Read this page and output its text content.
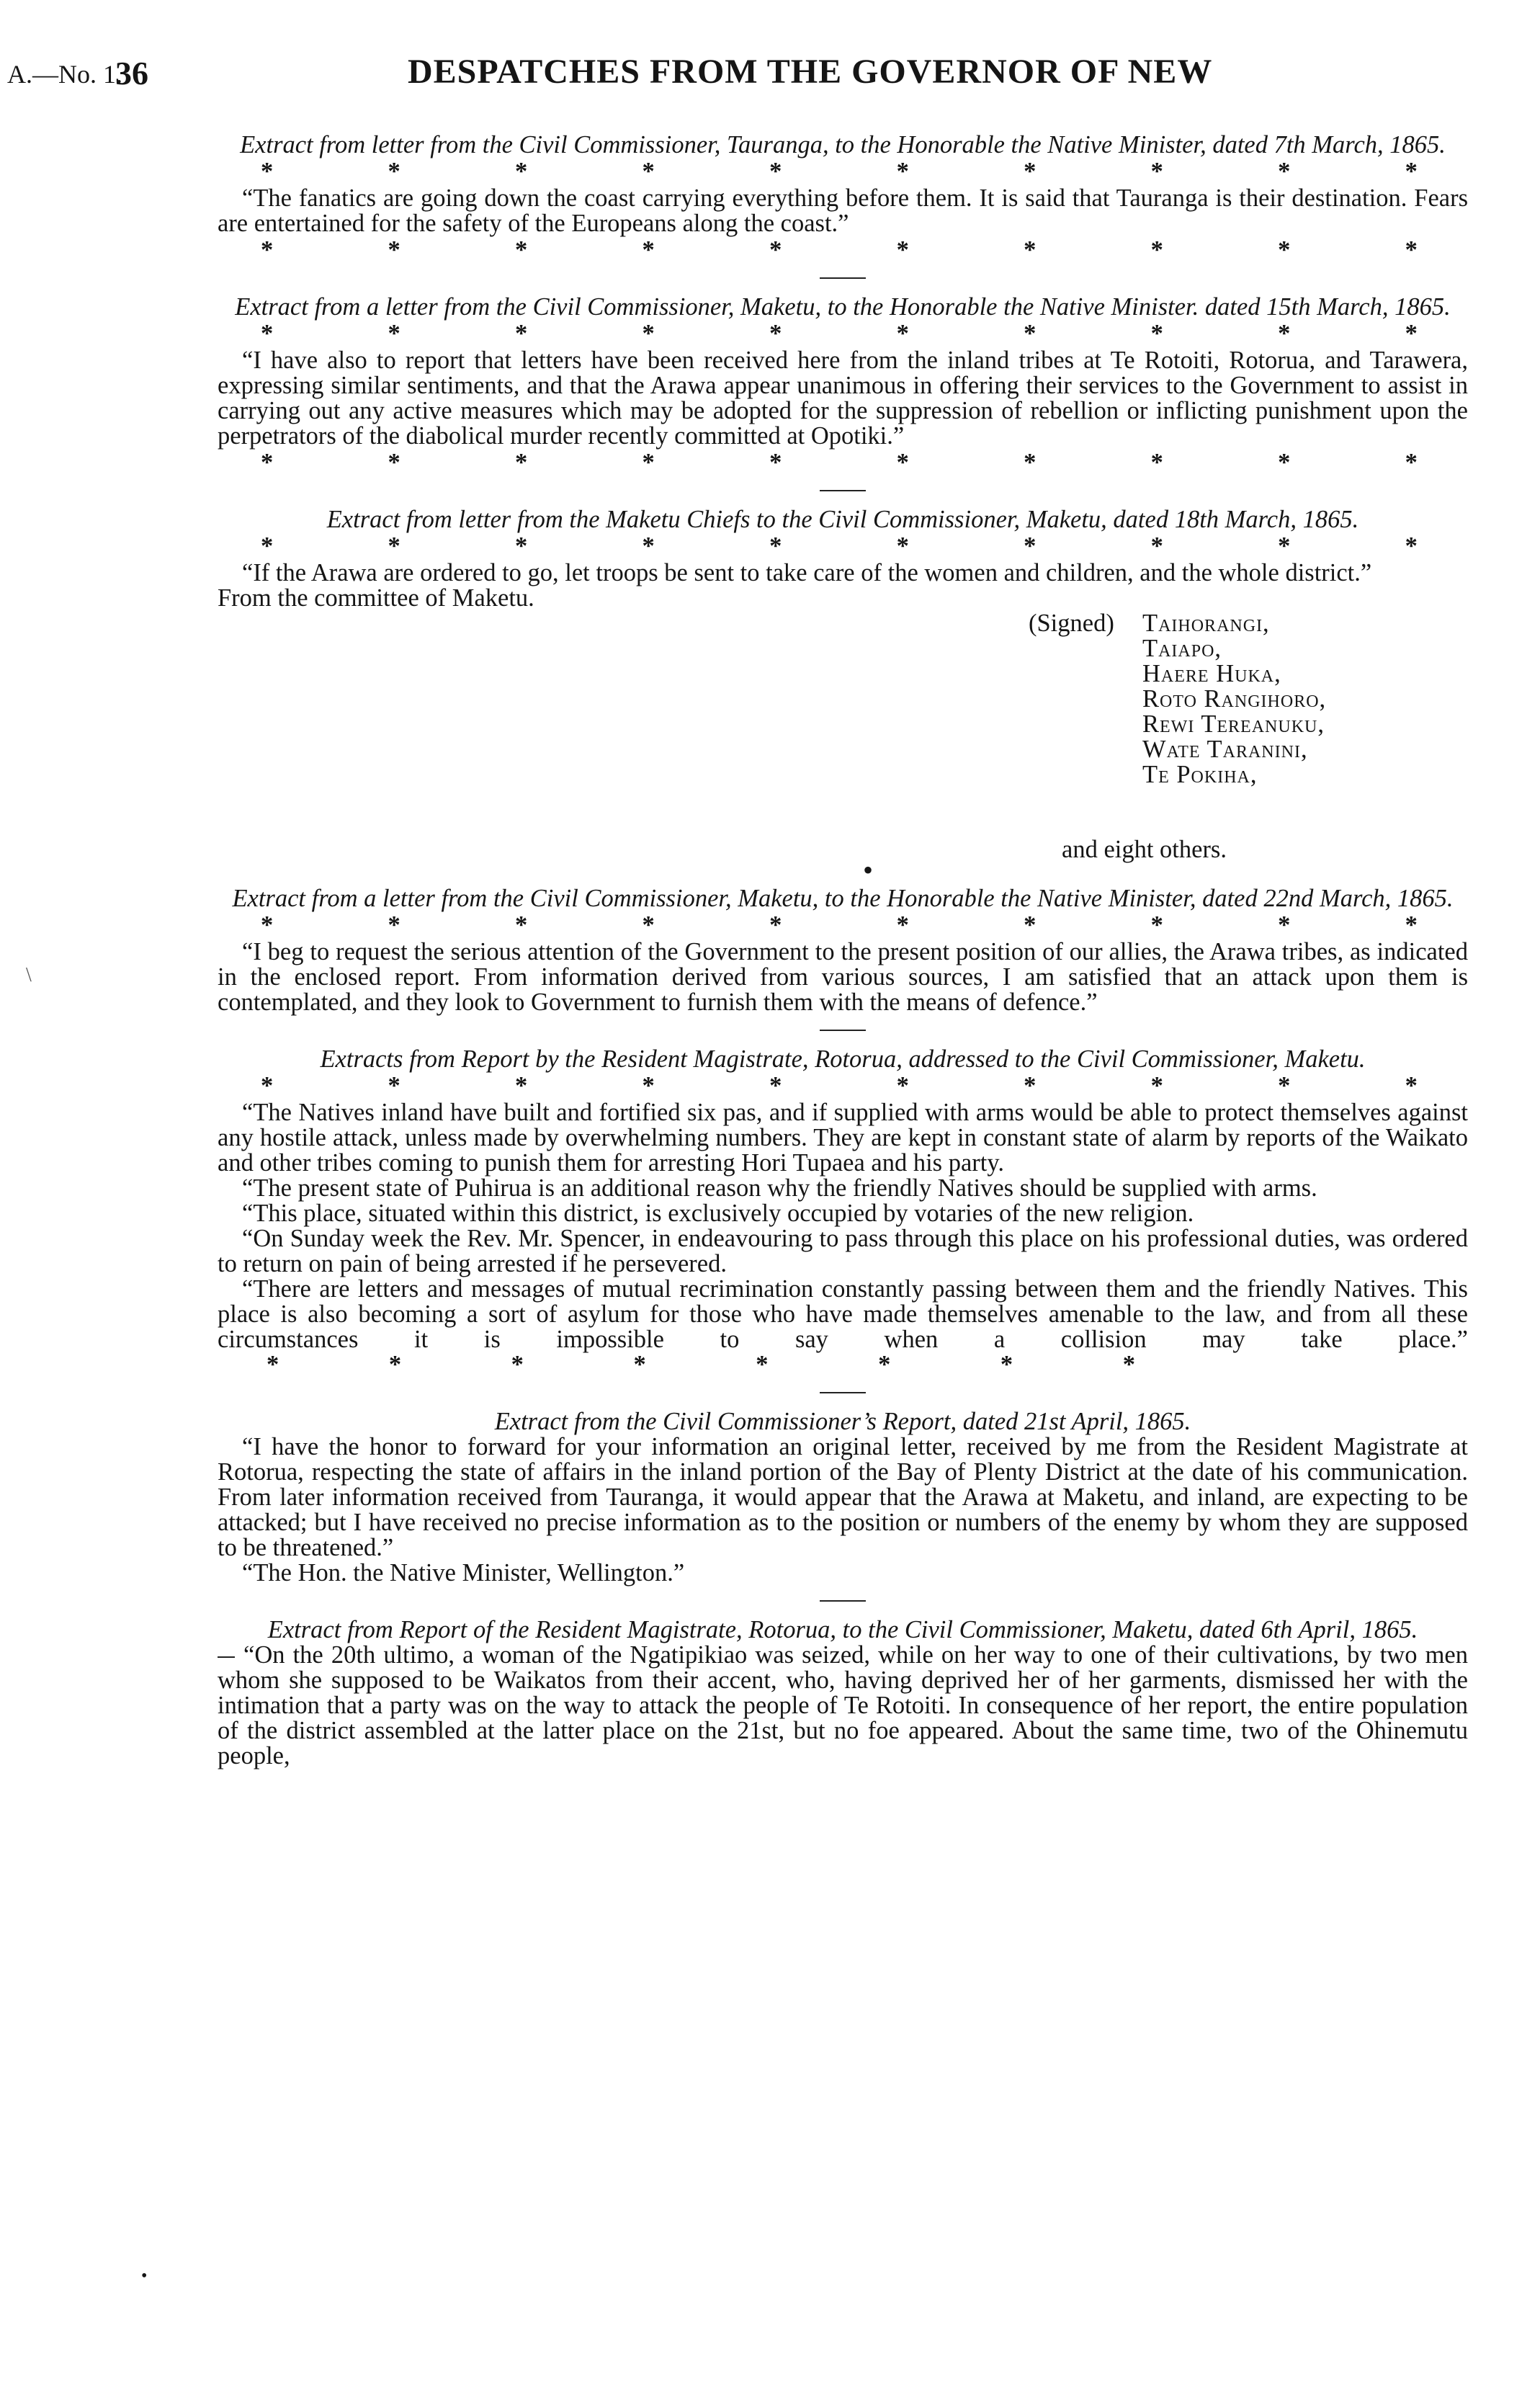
A.—No. 1.
36	DESPATCHES FROM THE GOVERNOR OF NEW
Extract from letter from the Civil Commissioner, Tauranga, to the Honorable the Native Minister, dated 7th March, 1865.
*	*	*	*	*	*	*	*	*	*

“The fanatics are going down the coast carrying everything before them. It is said that Tauranga is their destination. Fears are entertained for the safety of the Europeans along the coast.”

*	*	*	*	*	*	*	*	*	*
Extract from a letter from the Civil Commissioner, Maketu, to the Honorable the Native Minister. dated 15th March, 1865.
*	*	*	*	*	*	*	*	*	*

“I have also to report that letters have been received here from the inland tribes at Te Rotoiti, Rotorua, and Tarawera, expressing similar sentiments, and that the Arawa appear unanimous in offering their services to the Government to assist in carrying out any active measures which may be adopted for the suppression of rebellion or inflicting punishment upon the perpetrators of the diabolical murder recently committed at Opotiki.”

*	*	*	*	*	*	*	*	*	*
Extract from letter from the Maketu Chiefs to the Civil Commissioner, Maketu, dated 18th March, 1865.
*	*	*	*	*	*	*	*	*	*

“If the Arawa are ordered to go, let troops be sent to take care of the women and children, and the whole district.”

From the committee of Maketu.

(Signed) Taihorangi,
Taiapo,
Haere Huka,
Roto Rangihoro,
Rewi Tereanuku,
Wate Taranini,
Te Pokiha,
and eight others.
Extract from a letter from the Civil Commissioner, Maketu, to the Honorable the Native Minister, dated 22nd March, 1865.
*	*	*	*	*	*	*	*	*	*

“I beg to request the serious attention of the Government to the present position of our allies, the Arawa tribes, as indicated in the enclosed report. From information derived from various sources, I am satisfied that an attack upon them is contemplated, and they look to Government to furnish them with the means of defence.”

Extracts from Report by the Resident Magistrate, Rotorua, addressed to the Civil Commissioner, Maketu.
*	*	*	*	*	*	*	*	*	*

“The Natives inland have built and fortified six pas, and if supplied with arms would be able to protect themselves against any hostile attack, unless made by overwhelming numbers. They are kept in constant state of alarm by reports of the Waikato and other tribes coming to punish them for arresting Hori Tupaea and his party.

“The present state of Puhirua is an additional reason why the friendly Natives should be supplied with arms.

“This place, situated within this district, is exclusively occupied by votaries of the new religion.

“On Sunday week the Rev. Mr. Spencer, in endeavouring to pass through this place on his professional duties, was ordered to return on pain of being arrested if he persevered.

“There are letters and messages of mutual recrimination constantly passing between them and the friendly Natives. This place is also becoming a sort of asylum for those who have made themselves amenable to the law, and from all these circumstances it is impossible to say when a collision may take place.”
*	*	*	*	*	*	*	*

Extract from the Civil Commissioner’s Report, dated 21st April, 1865.

“I have the honor to forward for your information an original letter, received by me from the Resident Magistrate at Rotorua, respecting the state of affairs in the inland portion of the Bay of Plenty District at the date of his communication. From later information received from Tauranga, it would appear that the Arawa at Maketu, and inland, are expecting to be attacked; but I have received no precise information as to the position or numbers of the enemy by whom they are supposed to be threatened.”

“The Hon. the Native Minister, Wellington.”

Extract from Report of the Resident Magistrate, Rotorua, to the Civil Commissioner, Maketu, dated 6th April, 1865.

“On the 20th ultimo, a woman of the Ngatipikiao was seized, while on her way to one of their cultivations, by two men whom she supposed to be Waikatos from their accent, who, having deprived her of her garments, dismissed her with the intimation that a party was on the way to attack the people of Te Rotoiti. In consequence of her report, the entire population of the district assembled at the latter place on the 21st, but no foe appeared. About the same time, two of the Ohinemutu people,

•
\
•
